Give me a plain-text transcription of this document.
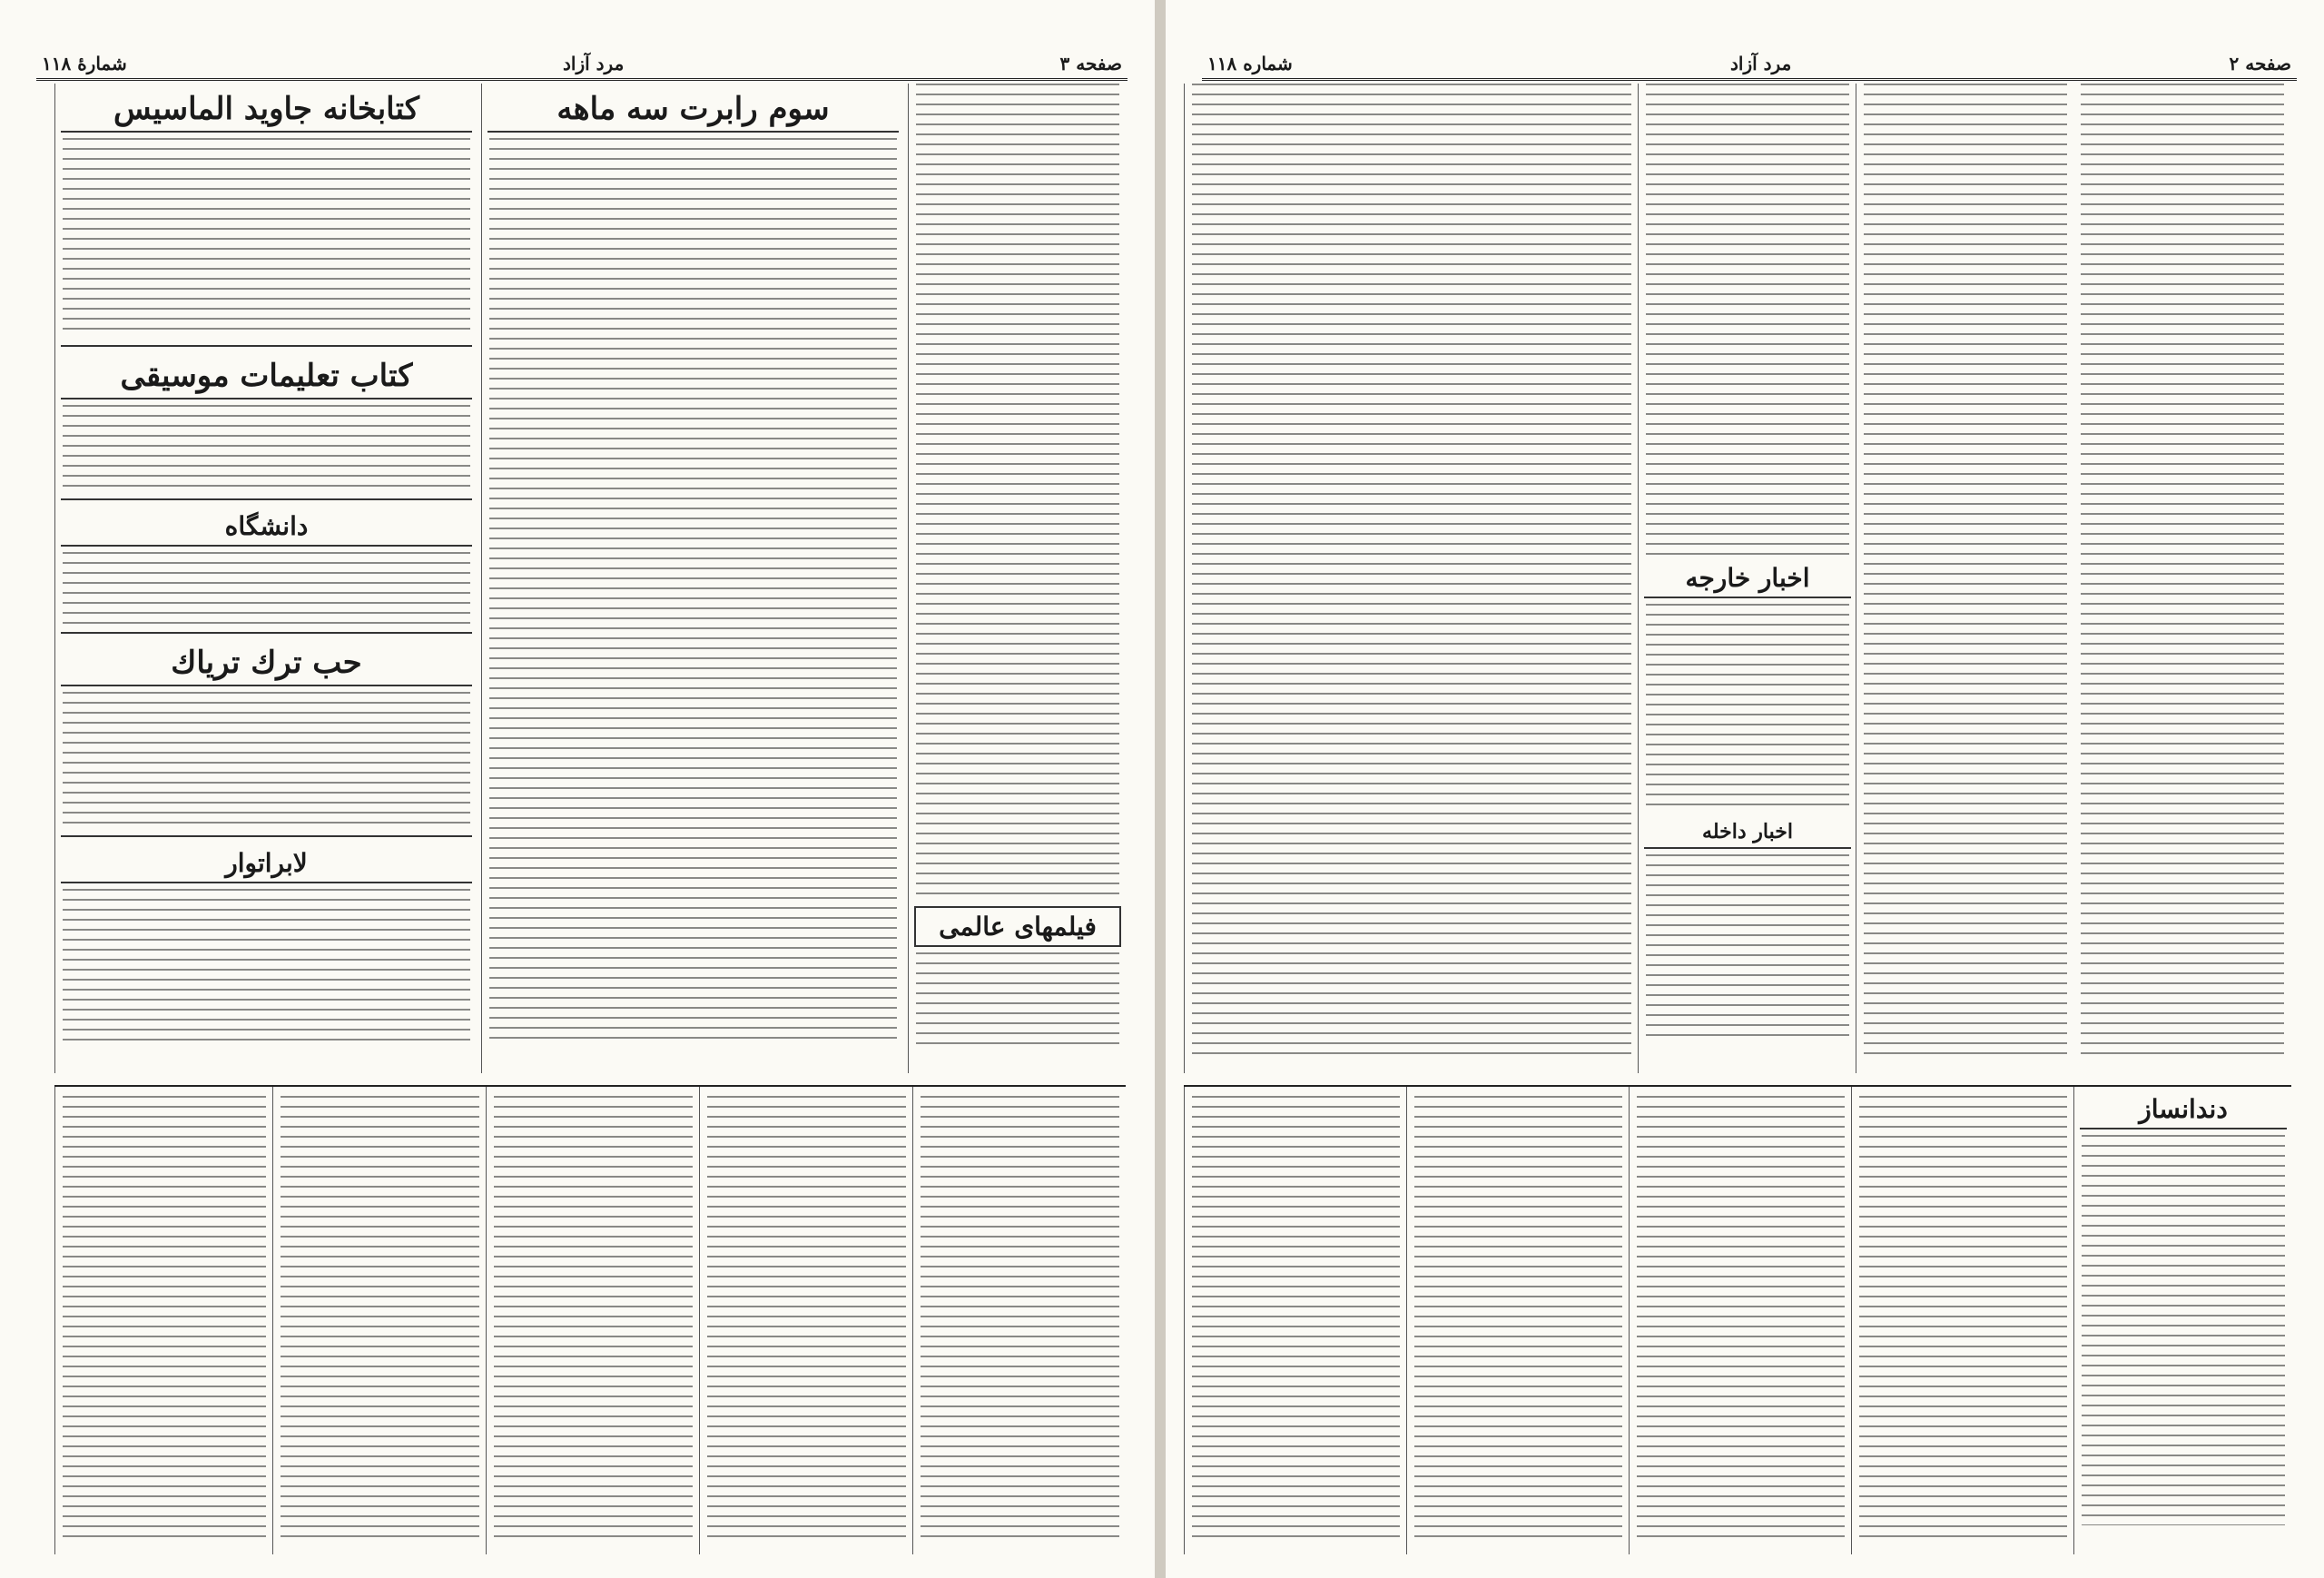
صفحه ۳
مرد آزاد
شمارهٔ ۱۱۸
فیلمهای عالمی
سوم رابرت سه ماهه
کتابخانه جاوید الماسیس
کتاب تعلیمات موسیقی
دانشگاه
حب ترك ترياك
لابراتوار
صفحه ۲
مرد آزاد
شماره ۱۱۸
اخبار خارجه
اخبار داخله
دندانساز
